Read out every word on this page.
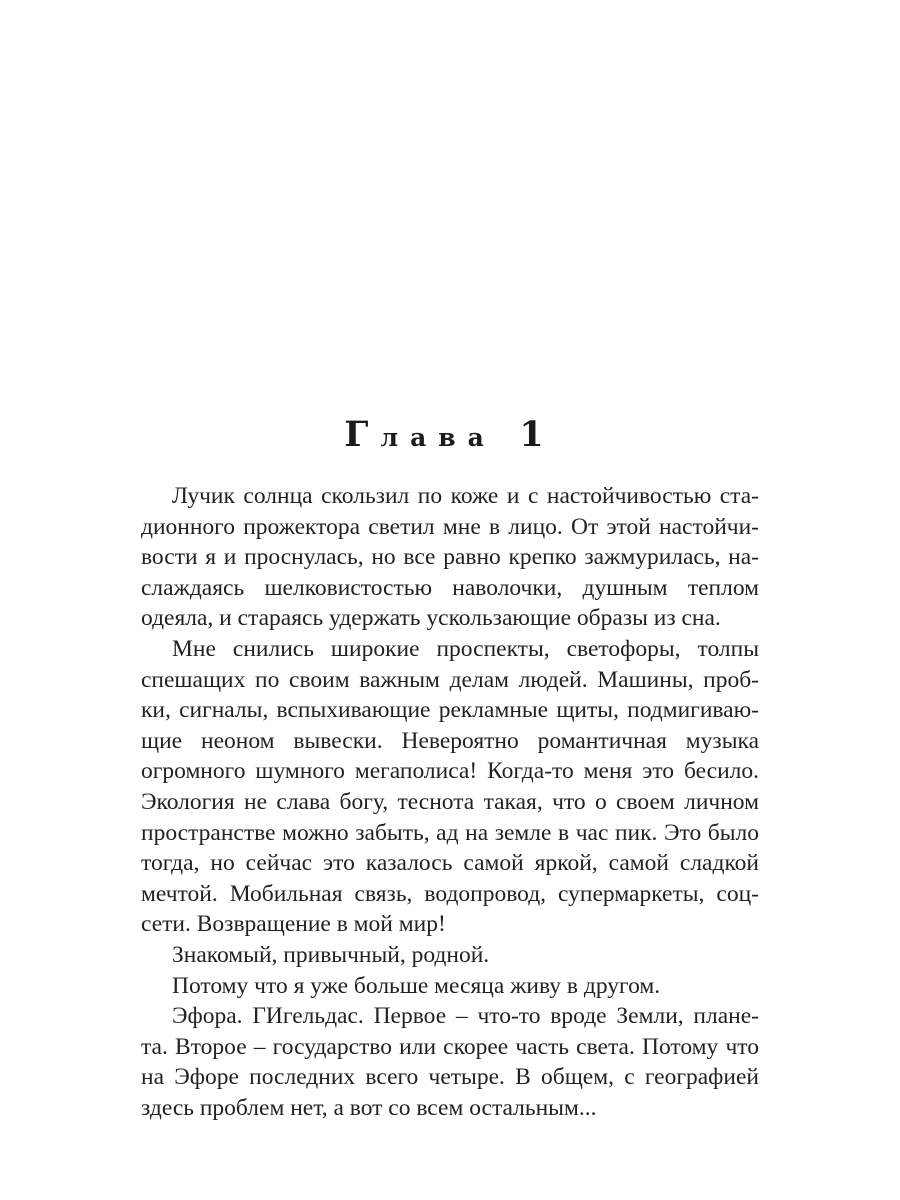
Глава 1
Лучик солнца скользил по коже и с настойчивостью ста-
дионного прожектора светил мне в лицо. От этой настойчи-
вости я и проснулась, но все равно крепко зажмурилась, на-
слаждаясь шелковистостью наволочки, душным теплом
одеяла, и стараясь удержать ускользающие образы из сна.
Мне снились широкие проспекты, светофоры, толпы
спешащих по своим важным делам людей. Машины, проб-
ки, сигналы, вспыхивающие рекламные щиты, подмигиваю-
щие неоном вывески. Невероятно романтичная музыка
огромного шумного мегаполиса! Когда-то меня это бесило.
Экология не слава богу, теснота такая, что о своем личном
пространстве можно забыть, ад на земле в час пик. Это было
тогда, но сейчас это казалось самой яркой, самой сладкой
мечтой. Мобильная связь, водопровод, супермаркеты, соц-
сети. Возвращение в мой мир!
Знакомый, привычный, родной.
Потому что я уже больше месяца живу в другом.
Эфора. ГИгельдас. Первое – что-то вроде Земли, плане-
та. Второе – государство или скорее часть света. Потому что
на Эфоре последних всего четыре. В общем, с географией
здесь проблем нет, а вот со всем остальным...
